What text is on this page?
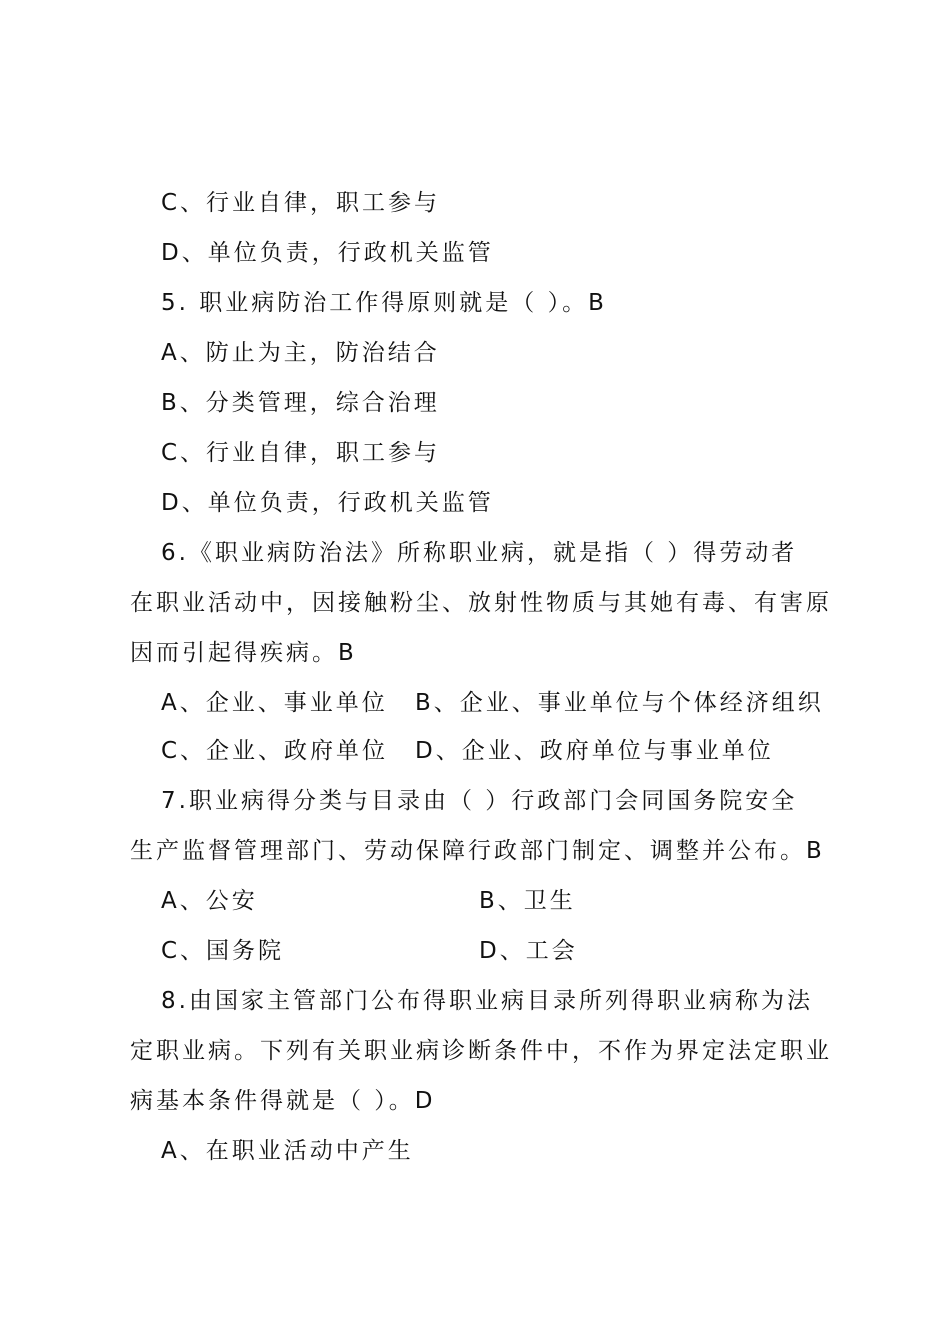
C、行业自律，职工参与
D、单位负责，行政机关监管
5. 职业病防治工作得原则就是（ ）。B
A、防止为主，防治结合
B、分类管理，综合治理
C、行业自律，职工参与
D、单位负责，行政机关监管
6.《职业病防治法》所称职业病，就是指（ ）得劳动者
在职业活动中，因接触粉尘、放射性物质与其她有毒、有害原
因而引起得疾病。B
A、企业、事业单位 B、企业、事业单位与个体经济组织
C、企业、政府单位 D、企业、政府单位与事业单位
7.职业病得分类与目录由（ ）行政部门会同国务院安全
生产监督管理部门、劳动保障行政部门制定、调整并公布。B
A、公安	B、卫生
C、国务院	D、工会
8.由国家主管部门公布得职业病目录所列得职业病称为法
定职业病。下列有关职业病诊断条件中，不作为界定法定职业
病基本条件得就是（ ）。D
A、在职业活动中产生
